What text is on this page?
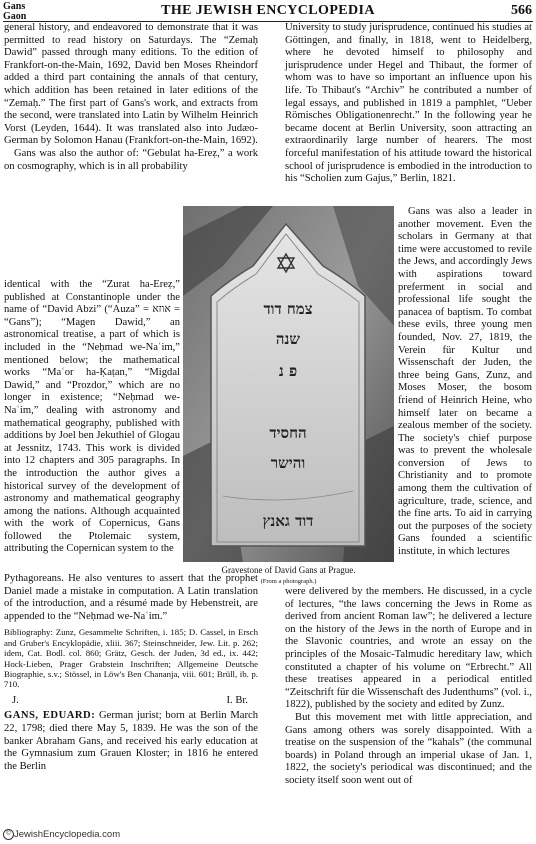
Gans
Gaon	THE JEWISH ENCYCLOPEDIA	566

general history, and endeavored to demonstrate that it was permitted to read history on Saturdays. The “Zemaḥ Dawid” passed through many editions. To the edition of Frankfort-on-the-Main, 1692, David ben Moses Rheindorf added a third part containing the annals of that century, which addition has been retained in later editions of the “Zemaḥ.” The first part of Gans's work, and extracts from the second, were translated into Latin by Wilhelm Heinrich Vorst (Leyden, 1644). It was translated also into Judæo-German by Solomon Hanau (Frankfort-on-the-Main, 1692).

Gans was also the author of: “Gebulat ha-Ereẓ,” a work on cosmography, which is in all probability

identical with the “Zurat ha-Ereẓ,” published at Constantinople under the name of “David Abzi” (“Auza” = אוזא = “Gans”); “Magen Dawid,” an astronomical treatise, a part of which is included in the “Neḥmad we-Naʿim,” mentioned below; the mathematical works “Maʿor ha-Ḳaṭan,” “Migdal Dawid,” and “Prozdor,” which are no longer in existence; “Neḥmad we-Naʿim,” dealing with astronomy and mathematical geography, published with additions by Joel ben Jekuthiel of Glogau at Jessnitz, 1743. This work is divided into 12 chapters and 305 paragraphs. In the introduction the author gives a historical survey of the development of astronomy and mathematical geography among the nations. Although acquainted with the work of Copernicus, Gans followed the Ptolemaic system, attributing the Copernican system to the

צמח דוד
שנה
פ נ
החסיד
והישר
דוד גאנץ
Gravestone of David Gans at Prague.
(From a photograph.)

Pythagoreans. He also ventures to assert that the prophet Daniel made a mistake in computation. A Latin translation of the introduction, and a résumé made by Hebenstreit, are appended to the “Neḥmad we-Naʿim.”

Bibliography: Zunz, Gesammelte Schriften, i. 185; D. Cassel, in Ersch and Gruber's Encyklopädie, xliii. 367; Steinschneider, Jew. Lit. p. 262; idem, Cat. Bodl. col. 860; Grätz, Gesch. der Juden, 3d ed., ix. 442; Hock-Lieben, Prager Grabstein Inschriften; Allgemeine Deutsche Biographie, s.v.; Stössel, in Löw's Ben Chananja, viii. 601; Brüll, ib. p. 710.

J.	I. Br.

GANS, EDUARD: German jurist; born at Berlin March 22, 1798; died there May 5, 1839. He was the son of the banker Abraham Gans, and received his early education at the Gymnasium zum Grauen Kloster; in 1816 he entered the Berlin

University to study jurisprudence, continued his studies at Göttingen, and finally, in 1818, went to Heidelberg, where he devoted himself to philosophy and jurisprudence under Hegel and Thibaut, the former of whom was to have so important an influence upon his life. To Thibaut's “Archiv” he contributed a number of legal essays, and published in 1819 a pamphlet, “Ueber Römisches Obligationenrecht.” In the following year he became docent at Berlin University, soon attracting an extraordinarily large number of hearers. The most forceful manifestation of his attitude toward the historical school of jurisprudence is embodied in the introduction to his “Scholien zum Gajus,” Berlin, 1821.

Gans was also a leader in another movement. Even the scholars in Germany at that time were accustomed to revile the Jews, and accordingly Jews with aspirations toward preferment in social and professional life sought the panacea of baptism. To combat these evils, three young men founded, Nov. 27, 1819, the Verein für Kultur und Wissenschaft der Juden, the three being Gans, Zunz, and Moses Moser, the bosom friend of Heinrich Heine, who himself later on became a zealous member of the society. The society's chief purpose was to prevent the wholesale conversion of Jews to Christianity and to promote among them the cultivation of agriculture, trade, science, and the fine arts. To aid in carrying out the purposes of the society Gans founded a scientific institute, in which lectures

were delivered by the members. He discussed, in a cycle of lectures, “the laws concerning the Jews in Rome as derived from ancient Roman law”; he delivered a lecture on the history of the Jews in the north of Europe and in the Slavonic countries, and wrote an essay on the principles of the Mosaic-Talmudic hereditary law, which constituted a chapter of his volume on “Erbrecht.” All these treatises appeared in a periodical entitled “Zeitschrift für die Wissenschaft des Judenthums” (vol. i., 1822), published by the society and edited by Zunz.

But this movement met with little appreciation, and Gans among others was sorely disappointed. With a treatise on the suspension of the “kahals” (the communal boards) in Poland through an imperial ukase of Jan. 1, 1822, the society's periodical was discontinued; and the society itself soon went out of

© JewishEncyclopedia.com
